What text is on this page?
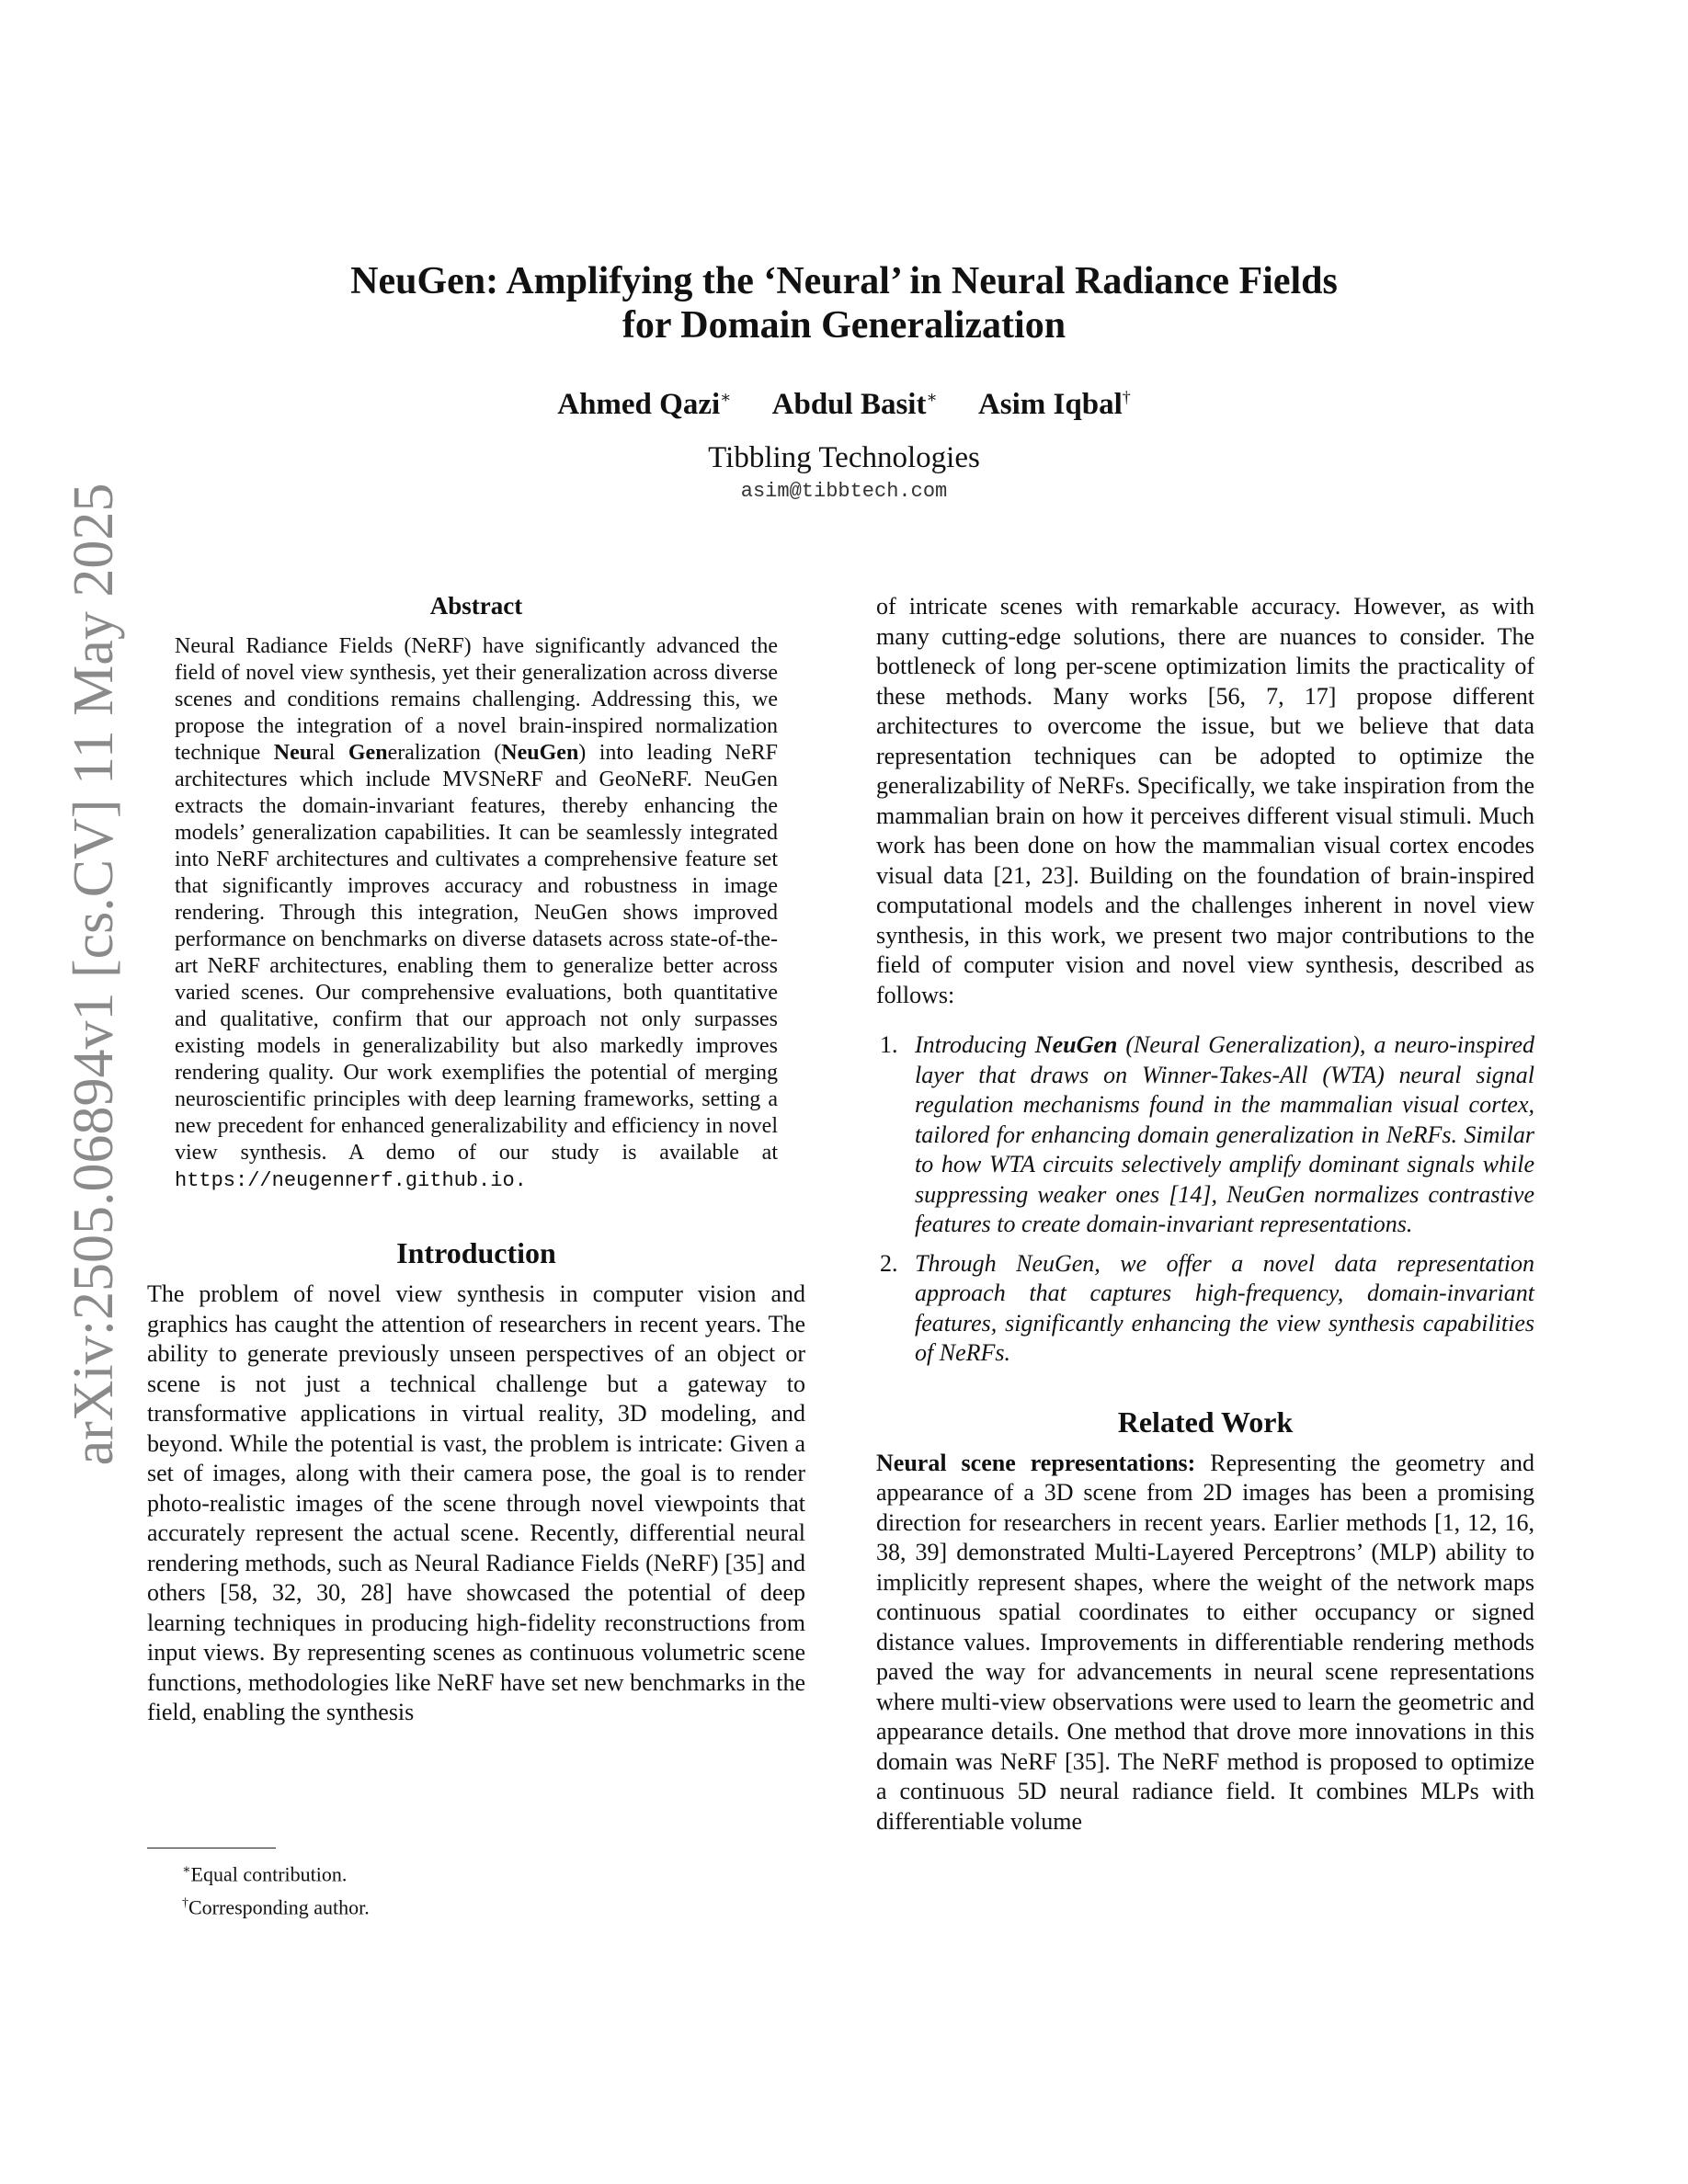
arXiv:2505.06894v1 [cs.CV] 11 May 2025
NeuGen: Amplifying the ‘Neural’ in Neural Radiance Fields
for Domain Generalization
Ahmed Qazi∗ Abdul Basit∗ Asim Iqbal†
Tibbling Technologies
asim@tibbtech.com
Abstract
Neural Radiance Fields (NeRF) have significantly advanced the field of novel view synthesis, yet their generalization across diverse scenes and conditions remains challenging. Addressing this, we propose the integration of a novel brain-inspired normalization technique Neural Generalization (NeuGen) into leading NeRF architectures which include MVSNeRF and GeoNeRF. NeuGen extracts the domain-invariant features, thereby enhancing the models’ generalization capabilities. It can be seamlessly integrated into NeRF architectures and cultivates a comprehensive feature set that significantly improves accuracy and robustness in image rendering. Through this integration, NeuGen shows improved performance on benchmarks on diverse datasets across state-of-the-art NeRF architectures, enabling them to generalize better across varied scenes. Our comprehensive evaluations, both quantitative and qualitative, confirm that our approach not only surpasses existing models in generalizability but also markedly improves rendering quality. Our work exemplifies the potential of merging neuroscientific principles with deep learning frameworks, setting a new precedent for enhanced generalizability and efficiency in novel view synthesis. A demo of our study is available at https://neugennerf.github.io.
Introduction

The problem of novel view synthesis in computer vision and graphics has caught the attention of researchers in recent years. The ability to generate previously unseen perspectives of an object or scene is not just a technical challenge but a gateway to transformative applications in virtual reality, 3D modeling, and beyond. While the potential is vast, the problem is intricate: Given a set of images, along with their camera pose, the goal is to render photo-realistic images of the scene through novel viewpoints that accurately represent the actual scene. Recently, differential neural rendering methods, such as Neural Radiance Fields (NeRF) [35] and others [58, 32, 30, 28] have showcased the potential of deep learning techniques in producing high-fidelity reconstructions from input views. By representing scenes as continuous volumetric scene functions, methodologies like NeRF have set new benchmarks in the field, enabling the synthesis

of intricate scenes with remarkable accuracy. However, as with many cutting-edge solutions, there are nuances to consider. The bottleneck of long per-scene optimization limits the practicality of these methods. Many works [56, 7, 17] propose different architectures to overcome the issue, but we believe that data representation techniques can be adopted to optimize the generalizability of NeRFs. Specifically, we take inspiration from the mammalian brain on how it perceives different visual stimuli. Much work has been done on how the mammalian visual cortex encodes visual data [21, 23]. Building on the foundation of brain-inspired computational models and the challenges inherent in novel view synthesis, in this work, we present two major contributions to the field of computer vision and novel view synthesis, described as follows:

1. Introducing NeuGen (Neural Generalization), a neuro-inspired layer that draws on Winner-Takes-All (WTA) neural signal regulation mechanisms found in the mammalian visual cortex, tailored for enhancing domain generalization in NeRFs. Similar to how WTA circuits selectively amplify dominant signals while suppressing weaker ones [14], NeuGen normalizes contrastive features to create domain-invariant representations.
2. Through NeuGen, we offer a novel data representation approach that captures high-frequency, domain-invariant features, significantly enhancing the view synthesis capabilities of NeRFs.
Related Work

Neural scene representations: Representing the geometry and appearance of a 3D scene from 2D images has been a promising direction for researchers in recent years. Earlier methods [1, 12, 16, 38, 39] demonstrated Multi-Layered Perceptrons’ (MLP) ability to implicitly represent shapes, where the weight of the network maps continuous spatial coordinates to either occupancy or signed distance values. Improvements in differentiable rendering methods paved the way for advancements in neural scene representations where multi-view observations were used to learn the geometric and appearance details. One method that drove more innovations in this domain was NeRF [35]. The NeRF method is proposed to optimize a continuous 5D neural radiance field. It combines MLPs with differentiable volume

∗Equal contribution.
†Corresponding author.
